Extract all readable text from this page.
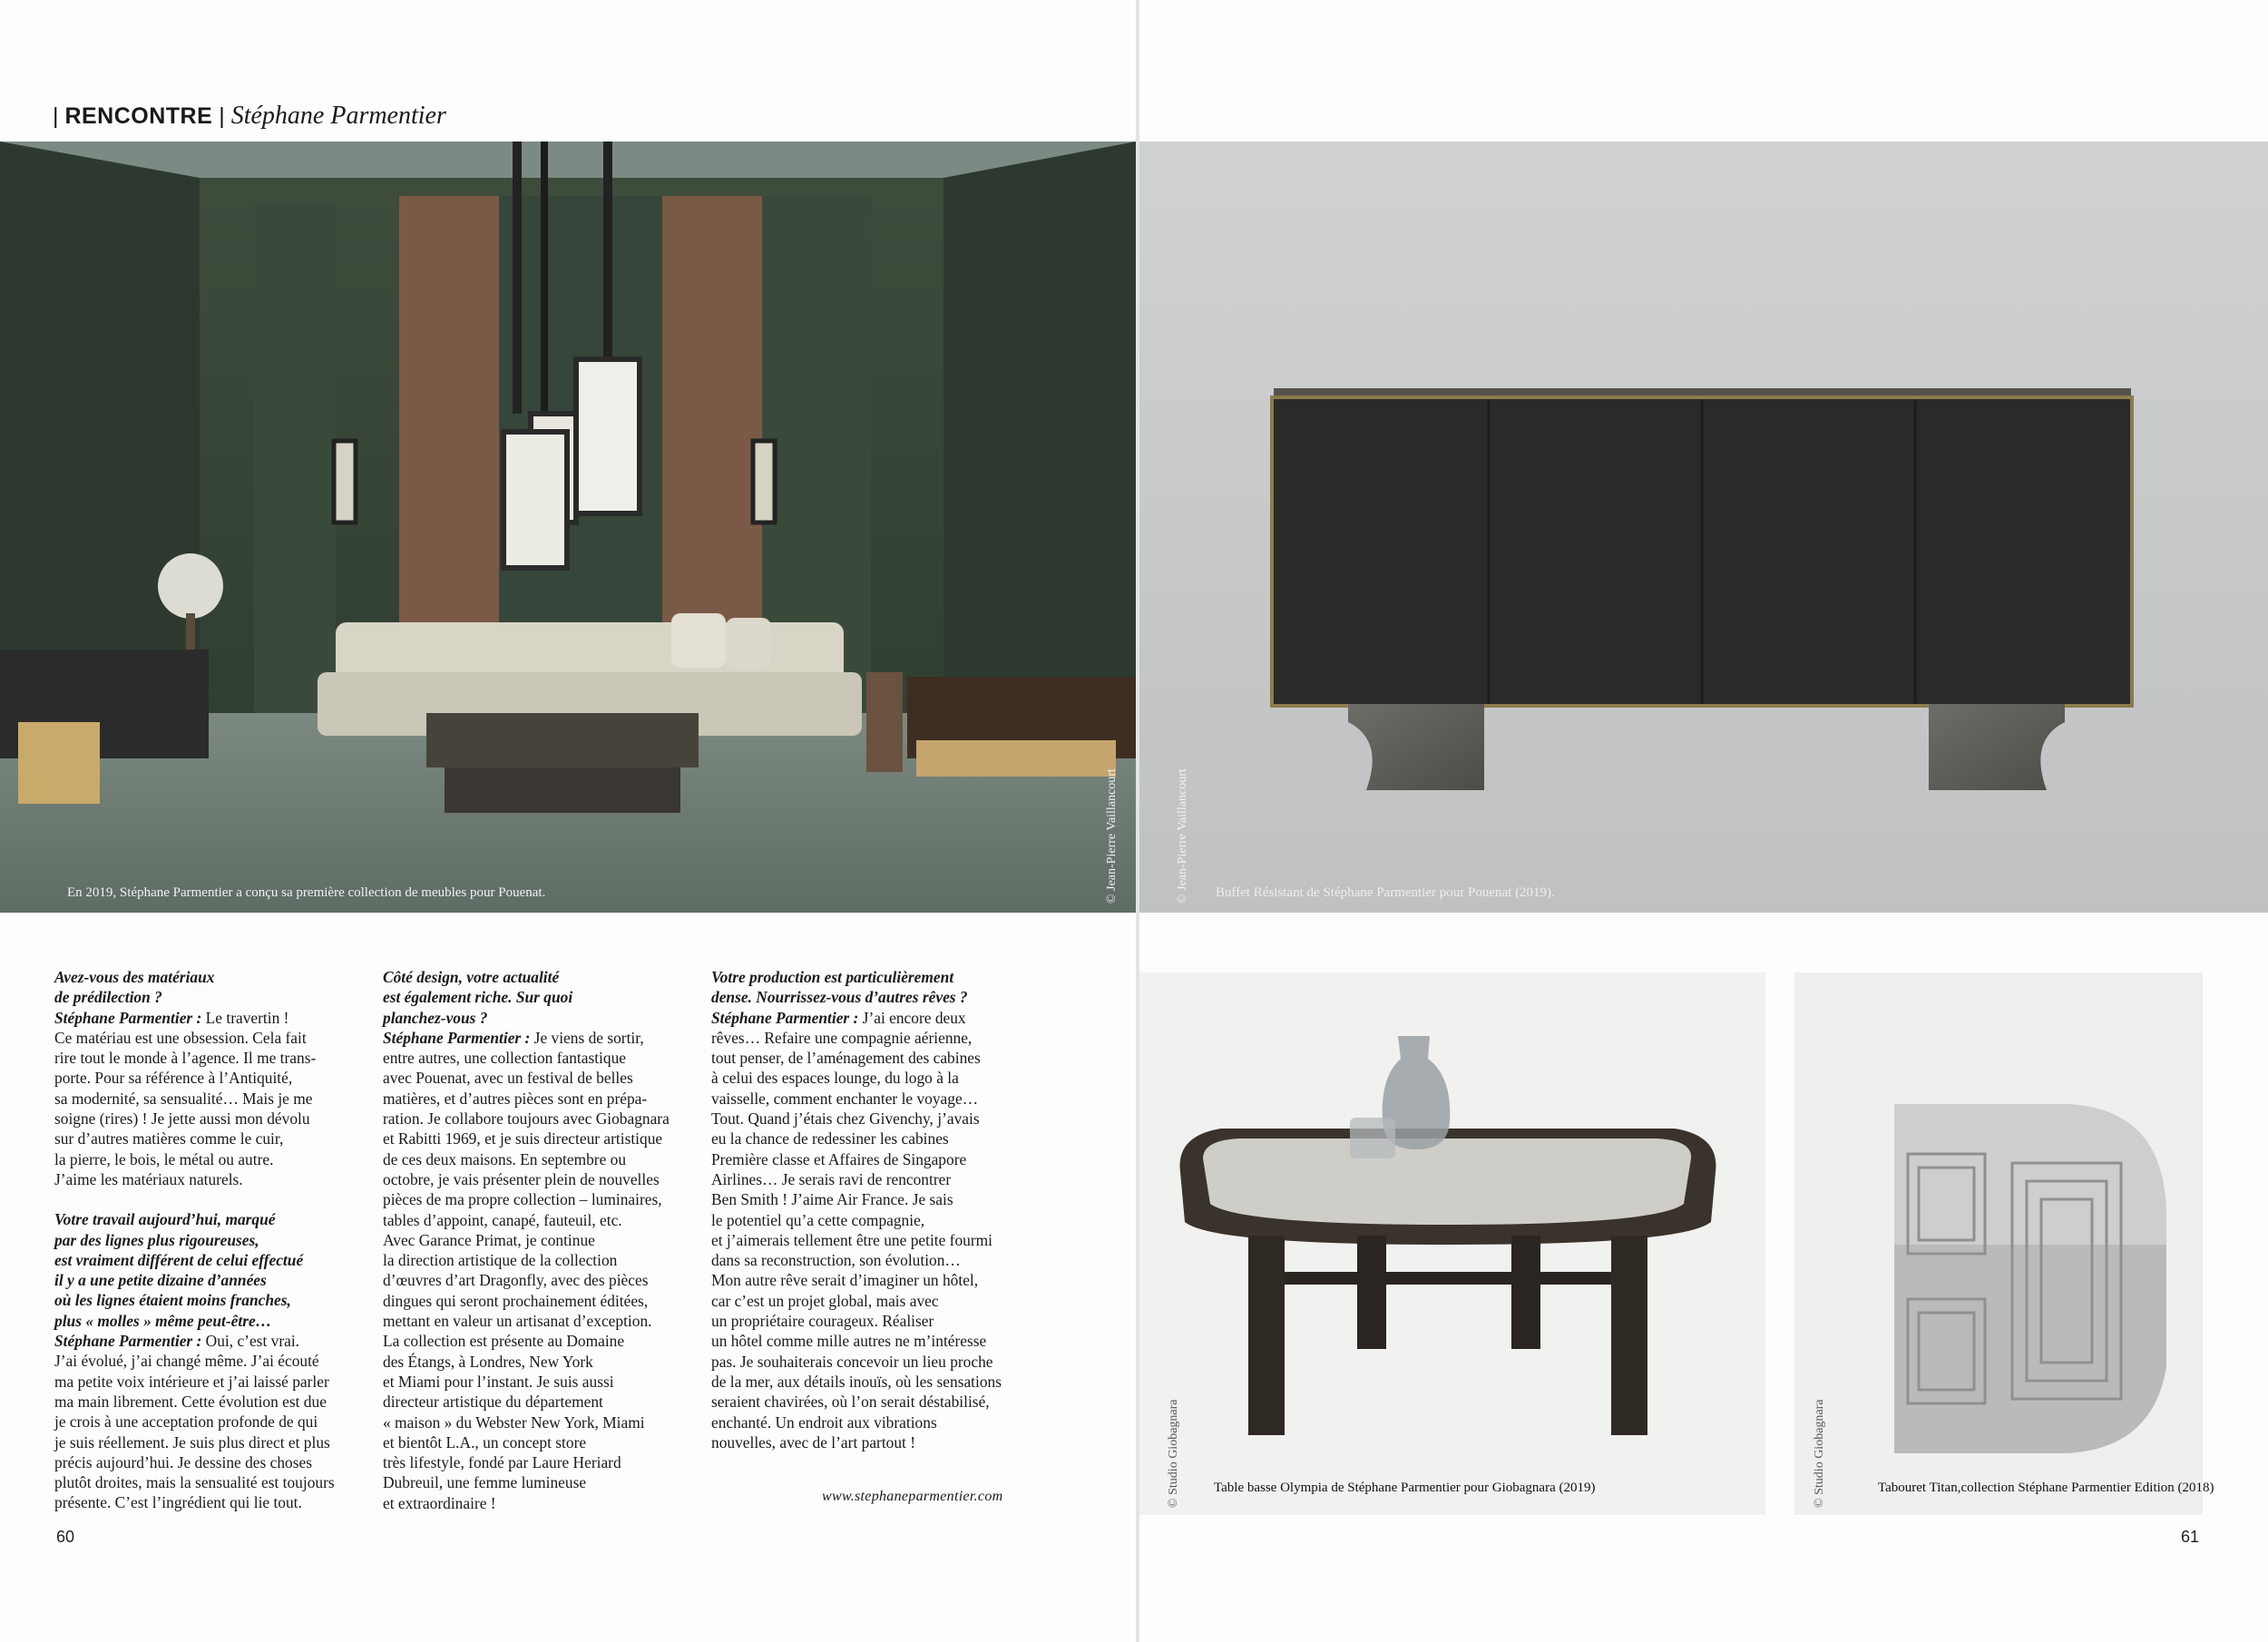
| RENCONTRE | Stéphane Parmentier
En 2019, Stéphane Parmentier a conçu sa première collection de meubles pour Pouenat.	© Jean-Pierre Vaillancourt

Avez-vous des matériaux

de prédilection ?

Stéphane Parmentier : Le travertin !

Ce matériau est une obsession. Cela fait

rire tout le monde à l’agence. Il me trans-

porte. Pour sa référence à l’Antiquité,

sa modernité, sa sensualité… Mais je me

soigne (rires) ! Je jette aussi mon dévolu

sur d’autres matières comme le cuir,

la pierre, le bois, le métal ou autre.

J’aime les matériaux naturels.

Votre travail aujourd’hui, marqué

par des lignes plus rigoureuses,

est vraiment différent de celui effectué

il y a une petite dizaine d’années

où les lignes étaient moins franches,

plus « molles » même peut-être…

Stéphane Parmentier : Oui, c’est vrai.

J’ai évolué, j’ai changé même. J’ai écouté

ma petite voix intérieure et j’ai laissé parler

ma main librement. Cette évolution est due

je crois à une acceptation profonde de qui

je suis réellement. Je suis plus direct et plus

précis aujourd’hui. Je dessine des choses

plutôt droites, mais la sensualité est toujours

présente. C’est l’ingrédient qui lie tout.

Côté design, votre actualité

est également riche. Sur quoi

planchez-vous ?

Stéphane Parmentier : Je viens de sortir,

entre autres, une collection fantastique

avec Pouenat, avec un festival de belles

matières, et d’autres pièces sont en prépa-

ration. Je collabore toujours avec Giobagnara

et Rabitti 1969, et je suis directeur artistique

de ces deux maisons. En septembre ou

octobre, je vais présenter plein de nouvelles

pièces de ma propre collection – luminaires,

tables d’appoint, canapé, fauteuil, etc.

Avec Garance Primat, je continue

la direction artistique de la collection

d’œuvres d’art Dragonfly, avec des pièces

dingues qui seront prochainement éditées,

mettant en valeur un artisanat d’exception.

La collection est présente au Domaine

des Étangs, à Londres, New York

et Miami pour l’instant. Je suis aussi

directeur artistique du département

« maison » du Webster New York, Miami

et bientôt L.A., un concept store

très lifestyle, fondé par Laure Heriard

Dubreuil, une femme lumineuse

et extraordinaire !

Votre production est particulièrement

dense. Nourrissez-vous d’autres rêves ?

Stéphane Parmentier : J’ai encore deux

rêves… Refaire une compagnie aérienne,

tout penser, de l’aménagement des cabines

à celui des espaces lounge, du logo à la

vaisselle, comment enchanter le voyage…

Tout. Quand j’étais chez Givenchy, j’avais

eu la chance de redessiner les cabines

Première classe et Affaires de Singapore

Airlines… Je serais ravi de rencontrer

Ben Smith ! J’aime Air France. Je sais

le potentiel qu’a cette compagnie,

et j’aimerais tellement être une petite fourmi

dans sa reconstruction, son évolution…

Mon autre rêve serait d’imaginer un hôtel,

car c’est un projet global, mais avec

un propriétaire courageux. Réaliser

un hôtel comme mille autres ne m’intéresse

pas. Je souhaiterais concevoir un lieu proche

de la mer, aux détails inouïs, où les sensations

seraient chavirées, où l’on serait déstabilisé,

enchanté. Un endroit aux vibrations

nouvelles, avec de l’art partout !

www.stephaneparmentier.com
60
Buffet Résistant de Stéphane Parmentier pour Pouenat (2019).
© Jean-Pierre Vaillancourt
Table basse Olympia de Stéphane Parmentier pour Giobagnara (2019)
© Studio Giobagnara	Tabouret Titan,collection Stéphane Parmentier Edition (2018)
© Studio Giobagnara
61
